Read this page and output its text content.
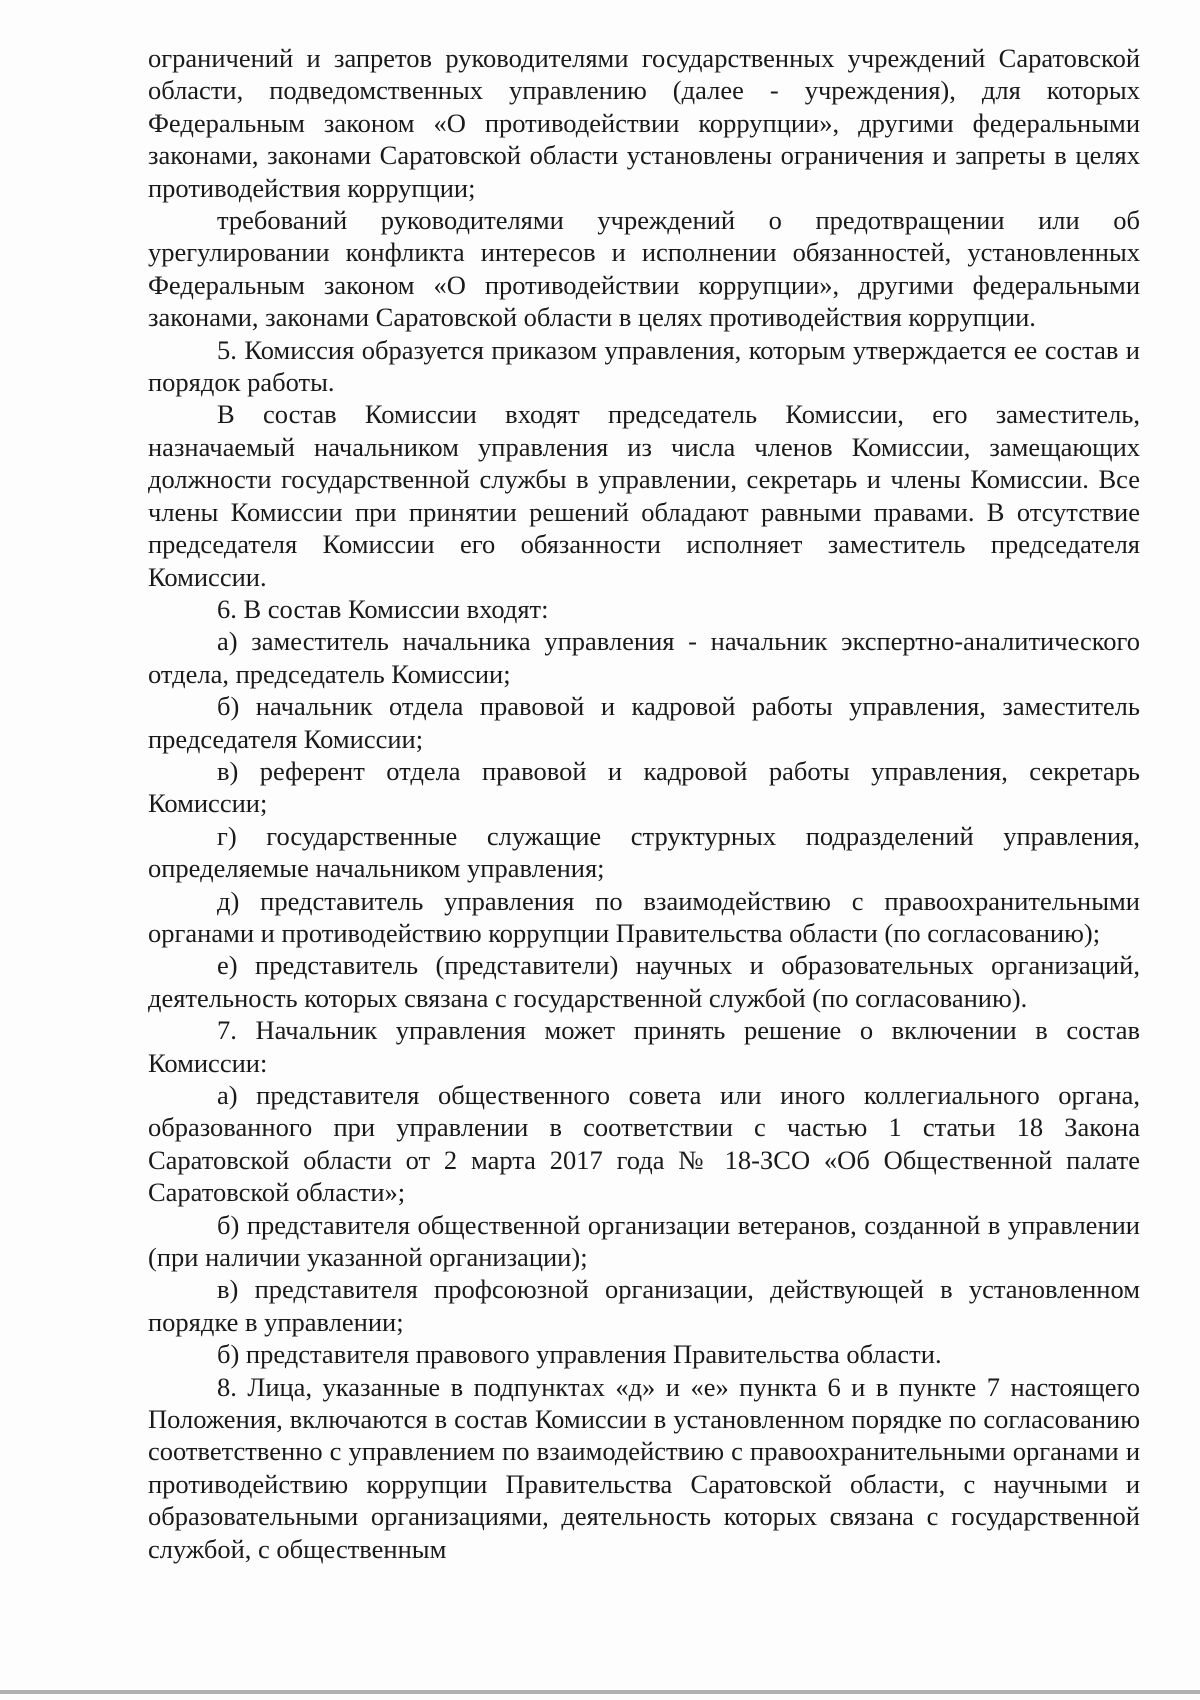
ограничений и запретов руководителями государственных учреждений Саратовской области, подведомственных управлению (далее - учреждения), для которых Федеральным законом «О противодействии коррупции», другими федеральными законами, законами Саратовской области установлены ограничения и запреты в целях противодействия коррупции;

требований руководителями учреждений о предотвращении или об урегулировании конфликта интересов и исполнении обязанностей, установленных Федеральным законом «О противодействии коррупции», другими федеральными законами, законами Саратовской области в целях противодействия коррупции.

5. Комиссия образуется приказом управления, которым утверждается ее состав и порядок работы.

В состав Комиссии входят председатель Комиссии, его заместитель, назначаемый начальником управления из числа членов Комиссии, замещающих должности государственной службы в управлении, секретарь и члены Комиссии. Все члены Комиссии при принятии решений обладают равными правами. В отсутствие председателя Комиссии его обязанности исполняет заместитель председателя Комиссии.

6. В состав Комиссии входят:

а) заместитель начальника управления - начальник экспертно-аналитического отдела, председатель Комиссии;

б) начальник отдела правовой и кадровой работы управления, заместитель председателя Комиссии;

в) референт отдела правовой и кадровой работы управления, секретарь Комиссии;

г) государственные служащие структурных подразделений управления, определяемые начальником управления;

д) представитель управления по взаимодействию с правоохранительными органами и противодействию коррупции Правительства области (по согласованию);

е) представитель (представители) научных и образовательных организаций, деятельность которых связана с государственной службой (по согласованию).

7. Начальник управления может принять решение о включении в состав Комиссии:

а) представителя общественного совета или иного коллегиального органа, образованного при управлении в соответствии с частью 1 статьи 18 Закона Саратовской области от 2 марта 2017 года № 18-ЗСО «Об Общественной палате Саратовской области»;

б) представителя общественной организации ветеранов, созданной в управлении (при наличии указанной организации);

в) представителя профсоюзной организации, действующей в установленном порядке в управлении;

б) представителя правового управления Правительства области.

8. Лица, указанные в подпунктах «д» и «е» пункта 6 и в пункте 7 настоящего Положения, включаются в состав Комиссии в установленном порядке по согласованию соответственно с управлением по взаимодействию с правоохранительными органами и противодействию коррупции Правительства Саратовской области, с научными и образовательными организациями, деятельность которых связана с государственной службой, с общественным
